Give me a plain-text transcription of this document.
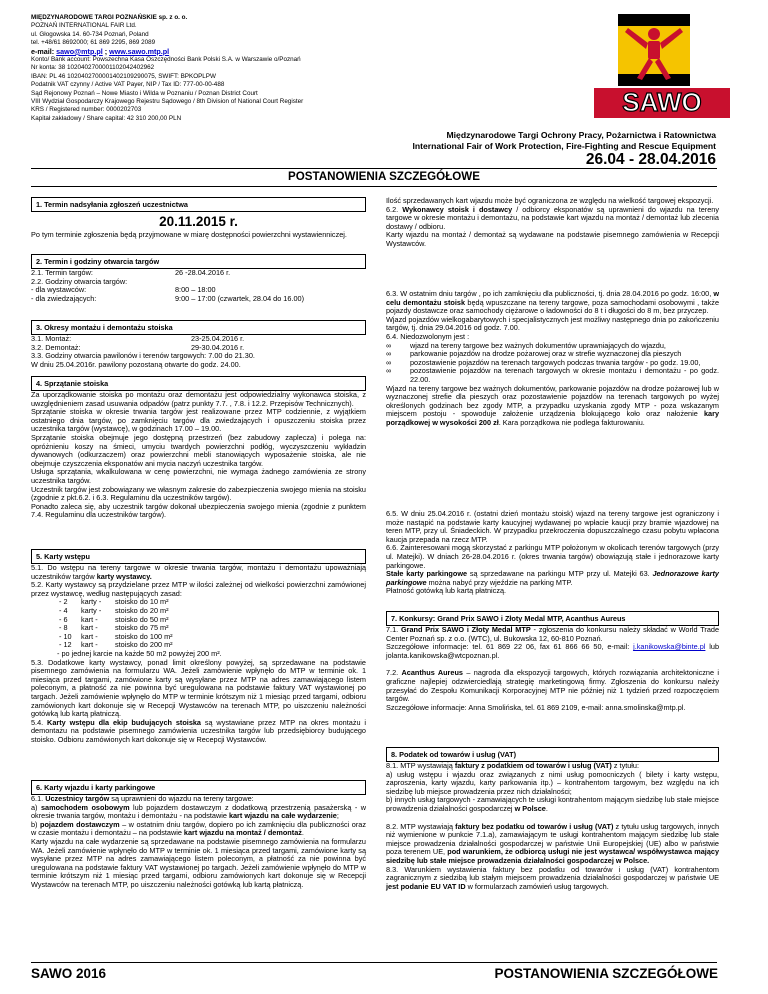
MIĘDZYNARODOWE TARGI POZNAŃSKIE sp. z o. o.
POZNAŃ INTERNATIONAL FAIR Ltd.
ul. Głogowska 14. 60-734 Poznań, Poland
tel. +48/61 8692000; 61 869 2295, 869 2089
e-mail: sawo@mtp.pl ; www.sawo.mtp.pl
Konto/ Bank account: Powszechna Kasa Oszczędności Bank Polski S.A. w Warszawie o/Poznań
Nr konta: 38 1020402700001102042402962
IBAN: PL 46 1020402700001402109290075, SWIFT: BPKOPLPW
Podatnik VAT czynny / Active VAT Payer, NIP / Tax ID: 777-00-00-488
Sąd Rejonowy Poznań – Nowe Miasto i Wilda w Poznaniu / Poznan District Court
VIII Wydział Gospodarczy Krajowego Rejestru Sądowego / 8th Division of National Court Register
KRS / Registered number: 0000202703
Kapitał zakładowy / Share capital: 42 310 200,00 PLN
SAWO
Międzynarodowe Targi Ochrony Pracy, Pożarnictwa i Ratownictwa
International Fair of Work Protection, Fire-Fighting and Rescue Equipment
26.04 - 28.04.2016
POSTANOWIENIA SZCZEGÓŁOWE
1. Termin nadsyłania zgłoszeń uczestnictwa
20.11.2015 r.
Po tym terminie zgłoszenia będą przyjmowane w miarę dostępności powierzchni wystawienniczej.
2. Termin i godziny otwarcia targów
2.1. Termin targów:	26 -28.04.2016 r.
2.2. Godziny otwarcia targów:	
- dla wystawców:	8:00 – 18:00
- dla zwiedzających:	9:00 – 17:00 (czwartek, 28.04 do 16.00)
3. Okresy montażu i demontażu stoiska
3.1. Montaż:	23-25.04.2016 r.
3.2. Demontaż:	29-30.04.2016 r.
3.3. Godziny otwarcia pawilonów i terenów targowych: 7.00 do 21.30.
W dniu 25.04.2016r. pawilony pozostaną otwarte do godz. 24.00.
4. Sprzątanie stoiska

Za uporządkowanie stoiska po montażu oraz demontażu jest odpowiedzialny wykonawca stoiska, z uwzględnieniem zasad usuwania odpadów (patrz punkty 7.7. , 7.8. i 12.2. Przepisów Technicznych).

Sprzątanie stoiska w okresie trwania targów jest realizowane przez MTP codziennie, z wyjątkiem ostatniego dnia targów, po zamknięciu targów dla zwiedzających i opuszczeniu stoiska przez uczestnika targów (wystawcę), w godzinach 17.00 – 19.00.

Sprzątanie stoiska obejmuje jego dostępną przestrzeń (bez zabudowy zaplecza) i polega na: opróżnieniu koszy na śmieci, umyciu twardych powierzchni podłóg, wyczyszczeniu wykładzin dywanowych (odkurzaczem) oraz powierzchni mebli stanowiących wyposażenie stoiska, ale nie obejmuje czyszczenia eksponatów ani mycia naczyń uczestnika targów.

Usługa sprzątania, wkalkulowana w cenę powierzchni, nie wymaga żadnego zamówienia ze strony uczestnika targów.

Uczestnik targów jest zobowiązany we własnym zakresie do zabezpieczenia swojego mienia na stoisku (zgodnie z pkt.6.2. i 6.3. Regulaminu dla uczestników targów).

Ponadto zaleca się, aby uczestnik targów dokonał ubezpieczenia swojego mienia (zgodnie z punktem 7.4. Regulaminu dla uczestników targów).

5. Karty wstępu

5.1. Do wstępu na tereny targowe w okresie trwania targów, montażu i demontażu upoważniają uczestników targów karty wystawcy.

5.2. Karty wystawcy są przydzielane przez MTP w ilości zależnej od wielkości powierzchni zamówionej przez wystawcę, według następujących zasad:

- 2	karty -	stoisko do 10 m²
- 4	karty -	stoisko do 20 m²
- 6	kart -	stoisko do 50 m²
- 8	kart -	stoisko do 75 m²
- 10	kart -	stoisko do 100 m²
- 12	kart -	stoisko do 200 m²

- po jednej karcie na każde 50 m2 powyżej 200 m².

5.3. Dodatkowe karty wystawcy, ponad limit określony powyżej, są sprzedawane na podstawie pisemnego zamówienia na formularzu WA. Jeżeli zamówienie wpłynęło do MTP w terminie ok. 1 miesiąca przed targami, zamówione karty są wysyłane przez MTP na adres zamawiającego listem poleconym, a płatność za nie powinna być uregulowana na podstawie faktury VAT wystawionej po targach. Jeżeli zamówienie wpłynęło do MTP w terminie krótszym niż 1 miesiąc przed targami, odbioru zamówionych kart dokonuje się w Recepcji Wystawców na terenach MTP, po uiszczeniu należności gotówką lub kartą płatniczą.

5.4. Karty wstępu dla ekip budujących stoiska są wystawiane przez MTP na okres montażu i demontażu na podstawie pisemnego zamówienia uczestnika targów lub przedsiębiorcy budującego stoisko. Odbioru zamówionych kart dokonuje się w Recepcji Wystawców.

6. Karty wjazdu i karty parkingowe

6.1. Uczestnicy targów są uprawnieni do wjazdu na tereny targowe:

a) samochodem osobowym lub pojazdem dostawczym z dodatkową przestrzenią pasażerską - w okresie trwania targów, montażu i demontażu - na podstawie kart wjazdu na całe wydarzenie;

b) pojazdem dostawczym – w ostatnim dniu targów, dopiero po ich zamknięciu dla publiczności oraz w czasie montażu i demontażu – na podstawie kart wjazdu na montaż / demontaż.

Karty wjazdu na całe wydarzenie są sprzedawane na podstawie pisemnego zamówienia na formularzu WA. Jeżeli zamówienie wpłynęło do MTP w terminie ok. 1 miesiąca przed targami, zamówione karty są wysyłane przez MTP na adres zamawiającego listem poleconym, a płatność za nie powinna być uregulowana na podstawie faktury VAT wystawionej po targach. Jeżeli zamówienie wpłynęło do MTP w terminie krótszym niż 1 miesiąc przed targami, odbioru zamówionych kart dokonuje się w Recepcji Wystawców na terenach MTP, po uiszczeniu należności gotówką lub kartą płatniczą.

Ilość sprzedawanych kart wjazdu może być ograniczona ze względu na wielkość targowej ekspozycji.

6.2. Wykonawcy stoisk i dostawcy / odbiorcy eksponatów są uprawnieni do wjazdu na tereny targowe w okresie montażu i demontażu, na podstawie kart wjazdu na montaż / demontaż lub zlecenia dostawy / odbioru.

Karty wjazdu na montaż / demontaż są wydawane na podstawie pisemnego zamówienia w Recepcji Wystawców.

6.3. W ostatnim dniu targów , po ich zamknięciu dla publiczności, tj. dnia 28.04.2016 po godz. 16:00, w celu demontażu stoisk będą wpuszczane na tereny targowe, poza samochodami osobowymi , także pojazdy dostawcze oraz samochody ciężarowe o ładowności do 8 t i długości do 8 m, bez przyczep.

Wjazd pojazdów wielkogabarytowych i specjalistycznych jest możliwy następnego dnia po zakończeniu targów, tj. dnia 29.04.2016 od godz. 7.00.

6.4. Niedozwolonym jest :

∞	wjazd na tereny targowe bez ważnych dokumentów uprawniających do wjazdu,
∞	parkowanie pojazdów na drodze pożarowej oraz w strefie wyznaczonej dla pieszych
∞	pozostawienie pojazdów na terenach targowych podczas trwania targów - po godz. 19.00,
∞	pozostawienie pojazdów na terenach targowych w okresie montażu i demontażu - po godz. 22.00.

Wjazd na tereny targowe bez ważnych dokumentów, parkowanie pojazdów na drodze pożarowej lub w wyznaczonej strefie dla pieszych oraz pozostawienie pojazdów na terenach targowych po wyżej określonych godzinach bez zgody MTP, a przypadku uzyskania zgody MTP - poza wskazanym miejscem postoju - spowoduje założenie urządzenia blokującego koło oraz nałożenie kary porządkowej w wysokości 200 zł. Kara porządkowa nie podlega fakturowaniu.

6.5. W dniu 25.04.2016 r. (ostatni dzień montażu stoisk) wjazd na tereny targowe jest ograniczony i może nastąpić na podstawie karty kaucyjnej wydawanej po wpłacie kaucji przy bramie wjazdowej na teren MTP, przy ul. Śniadeckich. W przypadku przekroczenia dopuszczalnego czasu pobytu wpłacona kaucja przepada na rzecz MTP.

6.6. Zainteresowani mogą skorzystać z parkingu MTP położonym w okolicach terenów targowych (przy ul. Matejki). W dniach 26-28.04.2016 r. (okres trwania targów) obowiązują stałe i jednorazowe karty parkingowe.

Stałe karty parkingowe są sprzedawane na parkingu MTP przy ul. Matejki 63. Jednorazowe karty parkingowe można nabyć przy wjeździe na parking MTP.

Płatność gotówką lub kartą płatniczą.

7. Konkursy: Grand Prix SAWO i Złoty Medal MTP, Acanthus Aureus

7.1. Grand Prix SAWO i Złoty Medal MTP - zgłoszenia do konkursu należy składać w World Trade Center Poznań sp. z o.o. (WTC), ul. Bukowska 12, 60-810 Poznań.

Szczegółowe informacje: tel. 61 869 22 06, fax 61 866 66 50, e-mail: j.kanikowska@binte.pl lub jolanta.kanikowska@wtcpoznan.pl.

7.2. Acanthus Aureus – nagroda dla ekspozycji targowych, których rozwiązania architektoniczne i graficzne najlepiej odzwierciedlają strategię marketingową firmy. Zgłoszenia do konkursu należy przesyłać do Zespołu Komunikacji Korporacyjnej MTP nie później niż 1 tydzień przed rozpoczęciem targów.

Szczegółowe informacje: Anna Smolińska, tel. 61 869 2109, e-mail: anna.smolinska@mtp.pl.

8. Podatek od towarów i usług (VAT)

8.1. MTP wystawiają faktury z podatkiem od towarów i usług (VAT) z tytułu:

a) usług wstępu i wjazdu oraz związanych z nimi usług pomocniczych ( bilety i karty wstępu, zaproszenia, karty wjazdu, karty parkowania itp.) – kontrahentom targowym, bez względu na ich siedzibę lub miejsce prowadzenia przez nich działalności;

b) innych usług targowych - zamawiających te usługi kontrahentom mającym siedzibę lub stałe miejsce prowadzenia działalności gospodarczej w Polsce.

8.2. MTP wystawiają faktury bez podatku od towarów i usług (VAT) z tytułu usług targowych, innych niż wymienione w punkcie 7.1.a), zamawiającym te usługi kontrahentom mającym siedzibę lub stałe miejsce prowadzenia działalności gospodarczej w państwie Unii Europejskiej (UE) albo w państwie poza terenem UE, pod warunkiem, że odbiorcą usługi nie jest wystawca/ współwystawca mający siedzibę lub stałe miejsce prowadzenia działalności gospodarczej w Polsce.

8.3. Warunkiem wystawienia faktury bez podatku od towarów i usług (VAT) kontrahentom zagranicznym z siedzibą lub stałym miejscem prowadzenia działalności gospodarczej w państwie UE jest podanie EU VAT ID w formularzach zamówień usług targowych.

SAWO 2016	POSTANOWIENIA SZCZEGÓŁOWE
